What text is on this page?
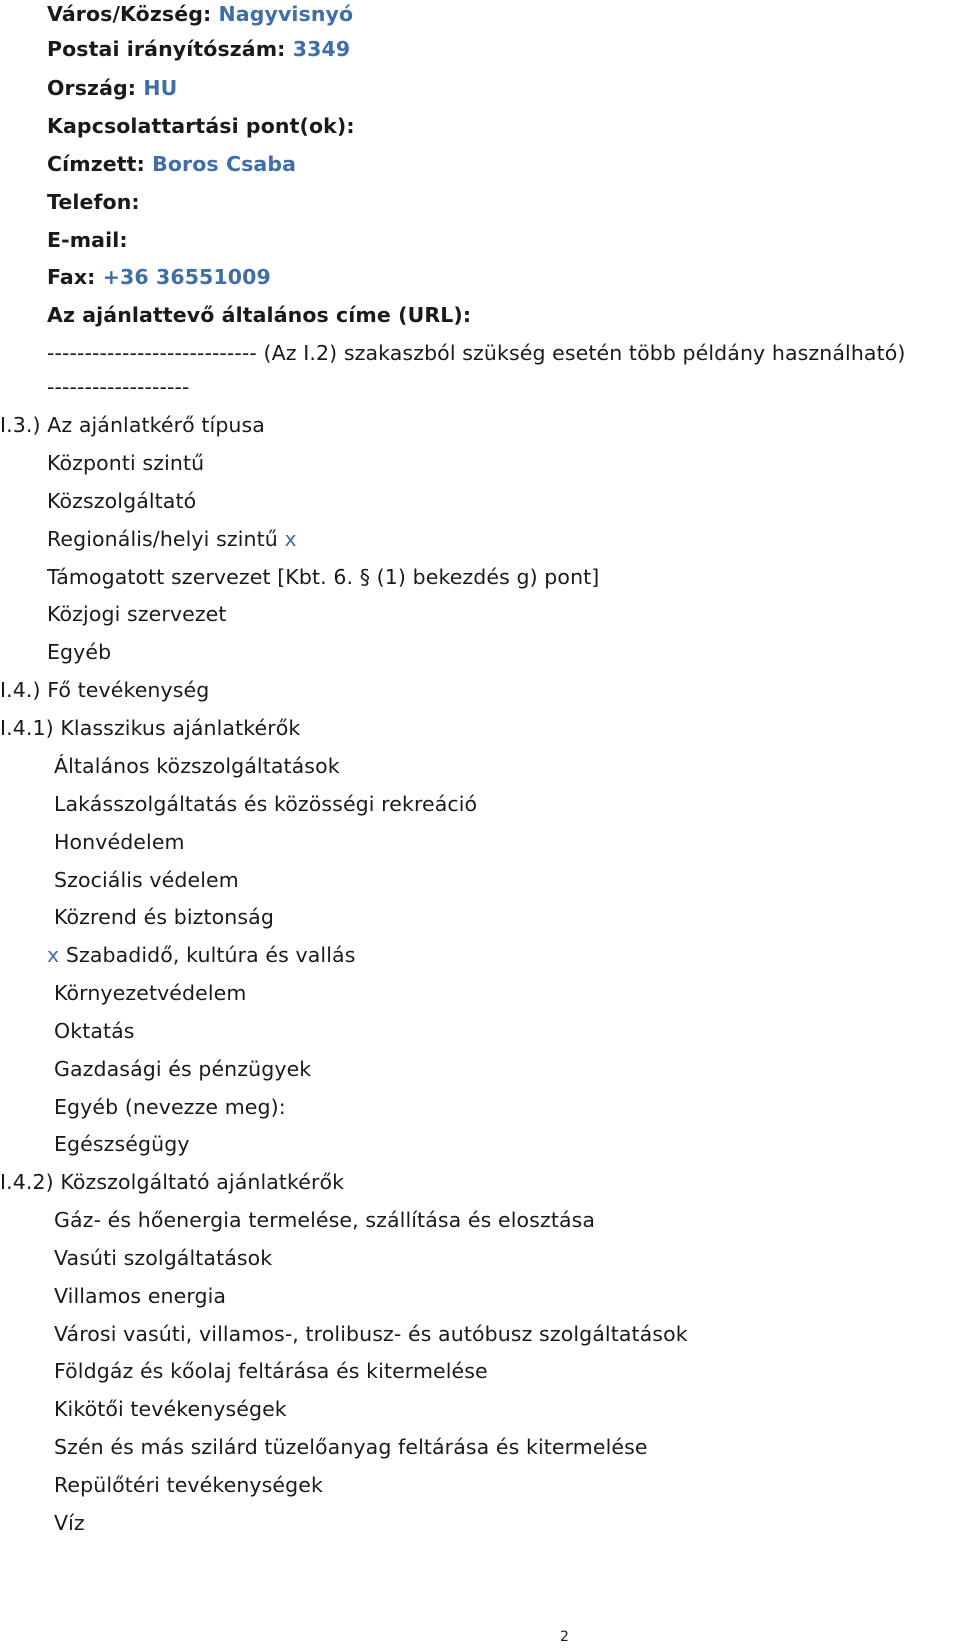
Város/Község: Nagyvisnyó
Postai irányítószám: 3349
Ország: HU
Kapcsolattartási pont(ok):
Címzett: Boros Csaba
Telefon:
E-mail:
Fax: +36 36551009
Az ajánlattevő általános címe (URL):
---------------------------- (Az I.2) szakaszból szükség esetén több példány használható)
-------------------
I.3.) Az ajánlatkérő típusa
Központi szintű
Közszolgáltató
Regionális/helyi szintű x
Támogatott szervezet [Kbt. 6. § (1) bekezdés g) pont]
Közjogi szervezet
Egyéb
I.4.) Fő tevékenység
I.4.1) Klasszikus ajánlatkérők
Általános közszolgáltatások
Lakásszolgáltatás és közösségi rekreáció
Honvédelem
Szociális védelem
Közrend és biztonság
x Szabadidő, kultúra és vallás
Környezetvédelem
Oktatás
Gazdasági és pénzügyek
Egyéb (nevezze meg):
Egészségügy
I.4.2) Közszolgáltató ajánlatkérők
Gáz- és hőenergia termelése, szállítása és elosztása
Vasúti szolgáltatások
Villamos energia
Városi vasúti, villamos-, trolibusz- és autóbusz szolgáltatások
Földgáz és kőolaj feltárása és kitermelése
Kikötői tevékenységek
Szén és más szilárd tüzelőanyag feltárása és kitermelése
Repülőtéri tevékenységek
Víz
2
